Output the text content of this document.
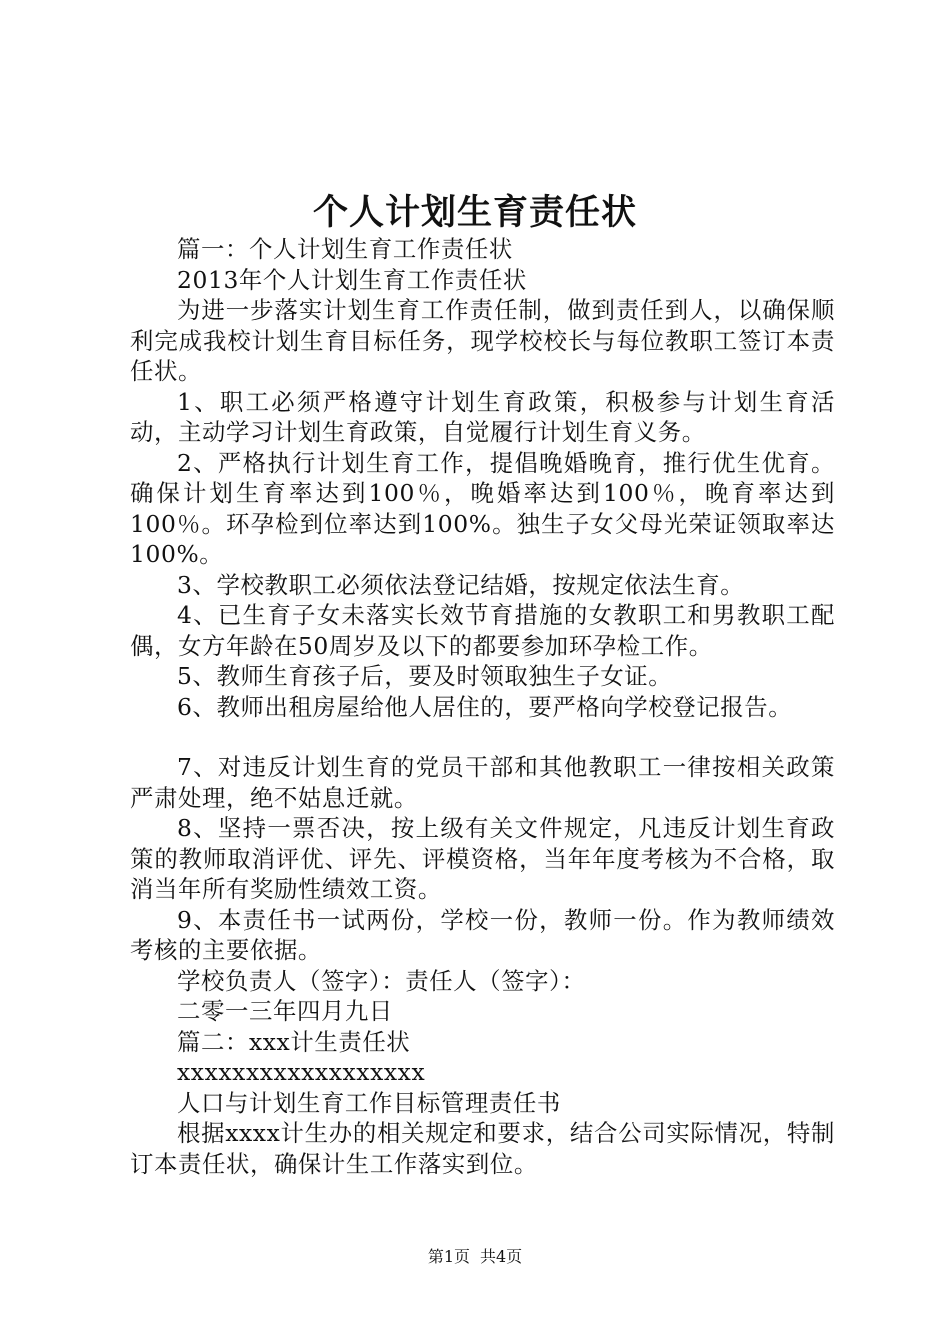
个人计划生育责任状

篇一：个人计划生育工作责任状

2013年个人计划生育工作责任状

为进一步落实计划生育工作责任制，做到责任到人，以确保顺利完成我校计划生育目标任务，现学校校长与每位教职工签订本责任状。

1、职工必须严格遵守计划生育政策，积极参与计划生育活动，主动学习计划生育政策，自觉履行计划生育义务。

2、严格执行计划生育工作，提倡晚婚晚育，推行优生优育。确保计划生育率达到100％，晚婚率达到100％，晚育率达到100％。环孕检到位率达到100%。独生子女父母光荣证领取率达100%。

3、学校教职工必须依法登记结婚，按规定依法生育。

4、已生育子女未落实长效节育措施的女教职工和男教职工配偶，女方年龄在50周岁及以下的都要参加环孕检工作。

5、教师生育孩子后，要及时领取独生子女证。

6、教师出租房屋给他人居住的，要严格向学校登记报告。

7、对违反计划生育的党员干部和其他教职工一律按相关政策严肃处理，绝不姑息迁就。

8、坚持一票否决，按上级有关文件规定，凡违反计划生育政策的教师取消评优、评先、评模资格，当年年度考核为不合格，取消当年所有奖励性绩效工资。

9、本责任书一试两份，学校一份，教师一份。作为教师绩效考核的主要依据。

学校负责人（签字）：责任人（签字）：

二零一三年四月九日

篇二：xxx计生责任状

xxxxxxxxxxxxxxxxxx

人口与计划生育工作目标管理责任书

根据xxxx计生办的相关规定和要求，结合公司实际情况，特制订本责任状，确保计生工作落实到位。

第1页 共4页
